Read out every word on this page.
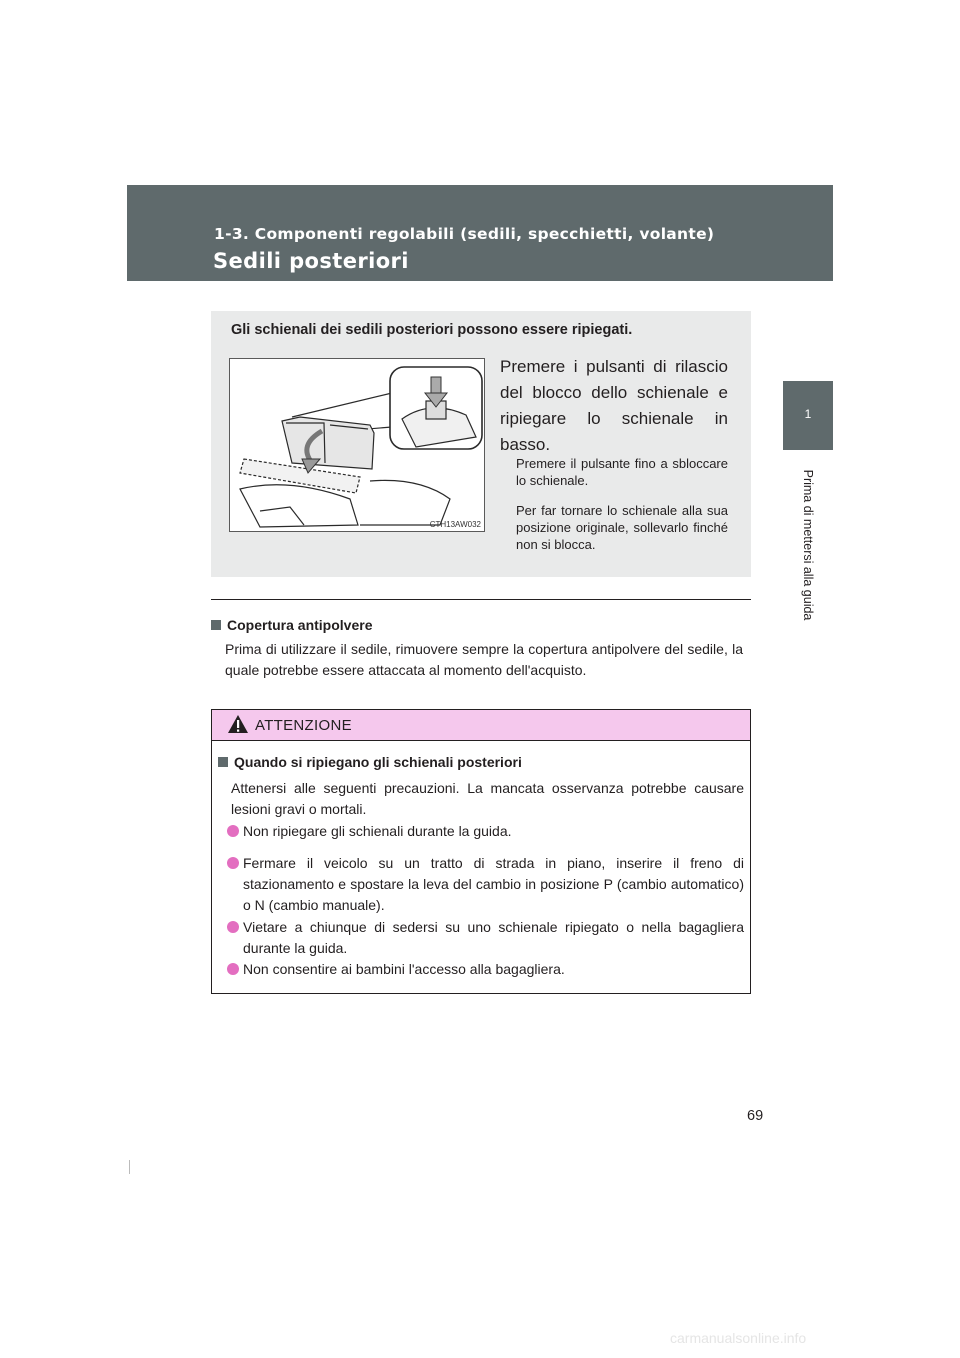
1-3. Componenti regolabili (sedili, specchietti, volante)
Sedili posteriori
1
Prima di mettersi alla guida
Gli schienali dei sedili posteriori possono essere ripiegati.
CTH13AW032
Premere i pulsanti di rilascio del blocco dello schienale e ripiegare lo schienale in basso.
Premere il pulsante fino a sbloccare lo schienale.
Per far tornare lo schienale alla sua posizione originale, sollevarlo finché non si blocca.
Copertura antipolvere
Prima di utilizzare il sedile, rimuovere sempre la copertura antipolvere del sedile, la quale potrebbe essere attaccata al momento dell'acquisto.
ATTENZIONE
Quando si ripiegano gli schienali posteriori
Attenersi alle seguenti precauzioni. La mancata osservanza potrebbe causare lesioni gravi o mortali.
Non ripiegare gli schienali durante la guida.
Fermare il veicolo su un tratto di strada in piano, inserire il freno di stazionamento e spostare la leva del cambio in posizione P (cambio automatico) o N (cambio manuale).
Vietare a chiunque di sedersi su uno schienale ripiegato o nella bagagliera durante la guida.
Non consentire ai bambini l'accesso alla bagagliera.
69
carmanualsonline.info
